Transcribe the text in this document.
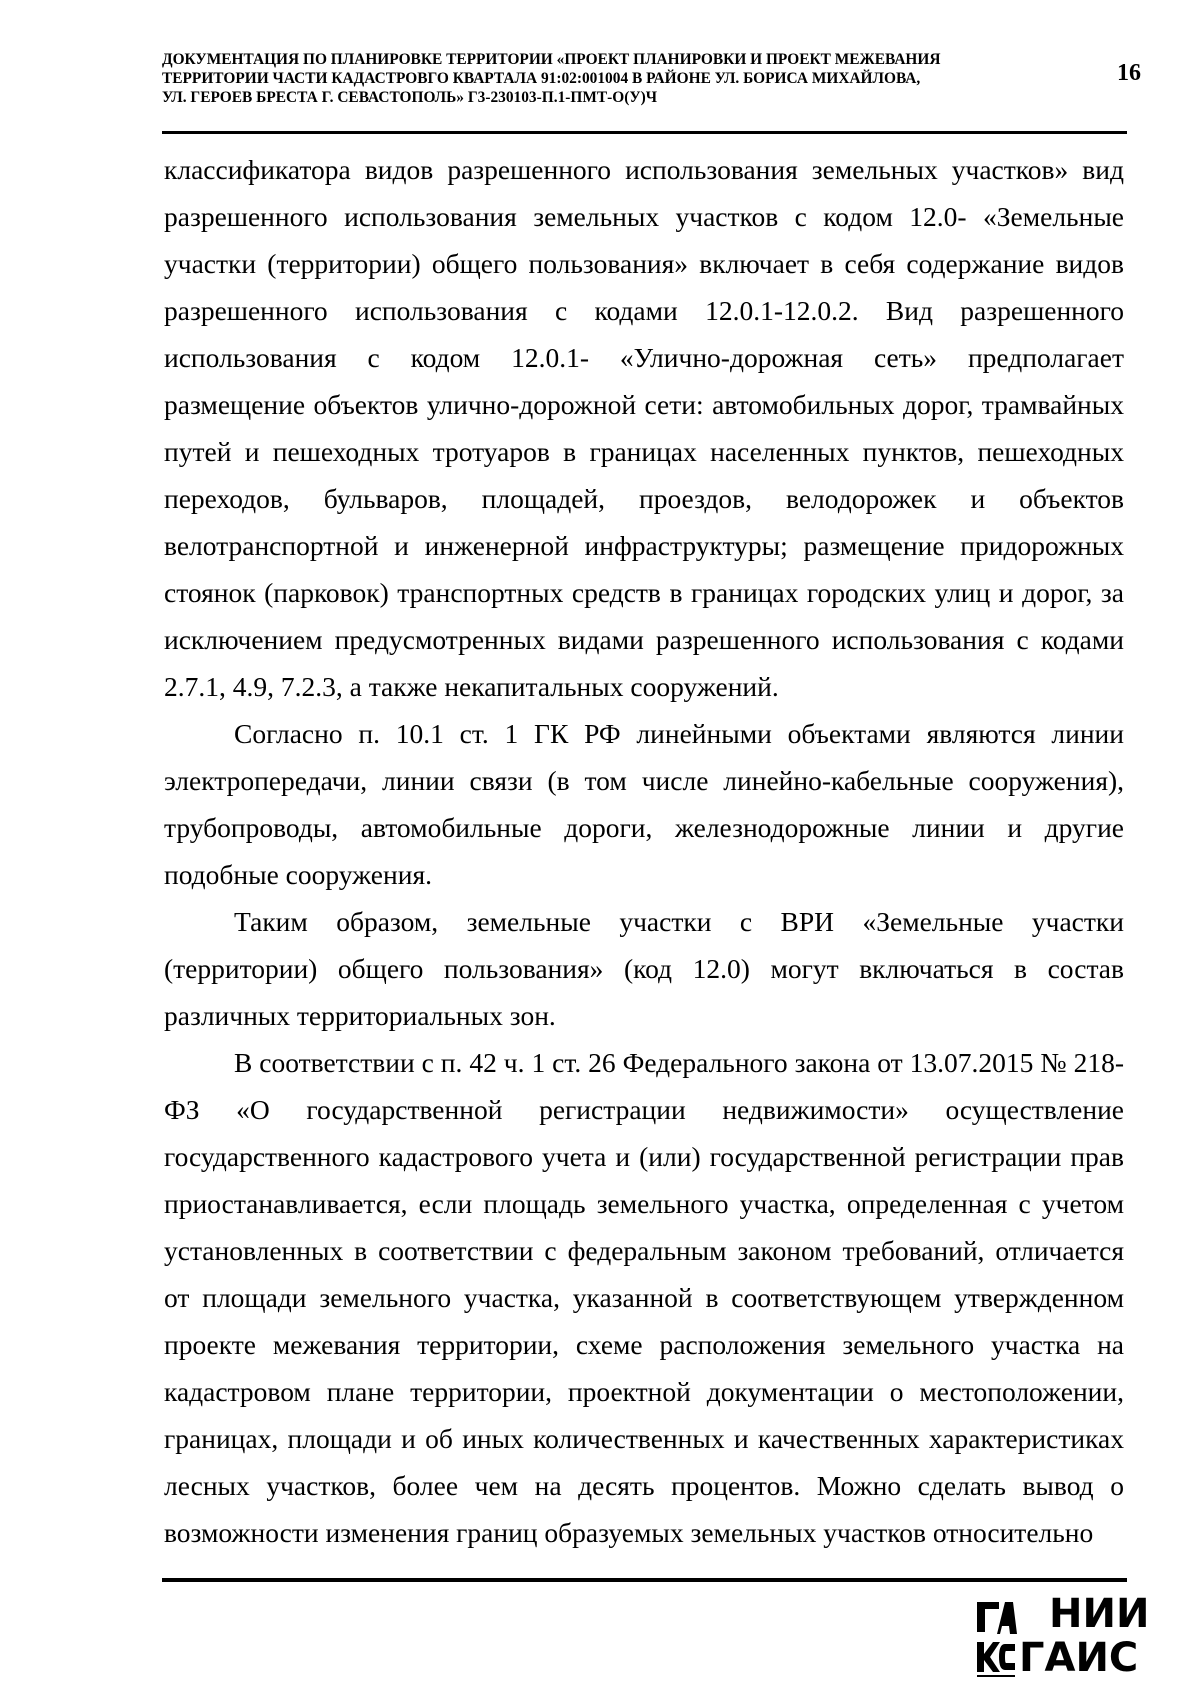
ДОКУМЕНТАЦИЯ ПО ПЛАНИРОВКЕ ТЕРРИТОРИИ «ПРОЕКТ ПЛАНИРОВКИ И ПРОЕКТ МЕЖЕВАНИЯ
ТЕРРИТОРИИ ЧАСТИ КАДАСТРОВГО КВАРТАЛА 91:02:001004 В РАЙОНЕ УЛ. БОРИСА МИХАЙЛОВА,
УЛ. ГЕРОЕВ БРЕСТА Г. СЕВАСТОПОЛЬ» Г3-230103-П.1-ПМТ-О(У)Ч
16

классификатора видов разрешенного использования земельных участков» вид разрешенного использования земельных участков с кодом 12.0- «Земельные участки (территории) общего пользования» включает в себя содержание видов разрешенного использования с кодами 12.0.1-12.0.2. Вид разрешенного использования с кодом 12.0.1- «Улично-дорожная сеть» предполагает размещение объектов улично-дорожной сети: автомобильных дорог, трамвайных путей и пешеходных тротуаров в границах населенных пунктов, пешеходных переходов, бульваров, площадей, проездов, велодорожек и объектов велотранспортной и инженерной инфраструктуры; размещение придорожных стоянок (парковок) транспортных средств в границах городских улиц и дорог, за исключением предусмотренных видами разрешенного использования с кодами 2.7.1, 4.9, 7.2.3, а также некапитальных сооружений.

Согласно п. 10.1 ст. 1 ГК РФ линейными объектами являются линии электропередачи, линии связи (в том числе линейно-кабельные сооружения), трубопроводы, автомобильные дороги, железнодорожные линии и другие подобные сооружения.

Таким образом, земельные участки с ВРИ «Земельные участки (территории) общего пользования» (код 12.0) могут включаться в состав различных территориальных зон.

В соответствии с п. 42 ч. 1 ст. 26 Федерального закона от 13.07.2015 № 218-ФЗ «О государственной регистрации недвижимости» осуществление государственного кадастрового учета и (или) государственной регистрации прав приостанавливается, если площадь земельного участка, определенная с учетом установленных в соответствии с федеральным законом требований, отличается от площади земельного участка, указанной в соответствующем утвержденном проекте межевания территории, схеме расположения земельного участка на кадастровом плане территории, проектной документации о местоположении, границах, площади и об иных количественных и качественных характеристиках лесных участков, более чем на десять процентов. Можно сделать вывод о возможности изменения границ образуемых земельных участков относительно

НИИ
ГАИС
